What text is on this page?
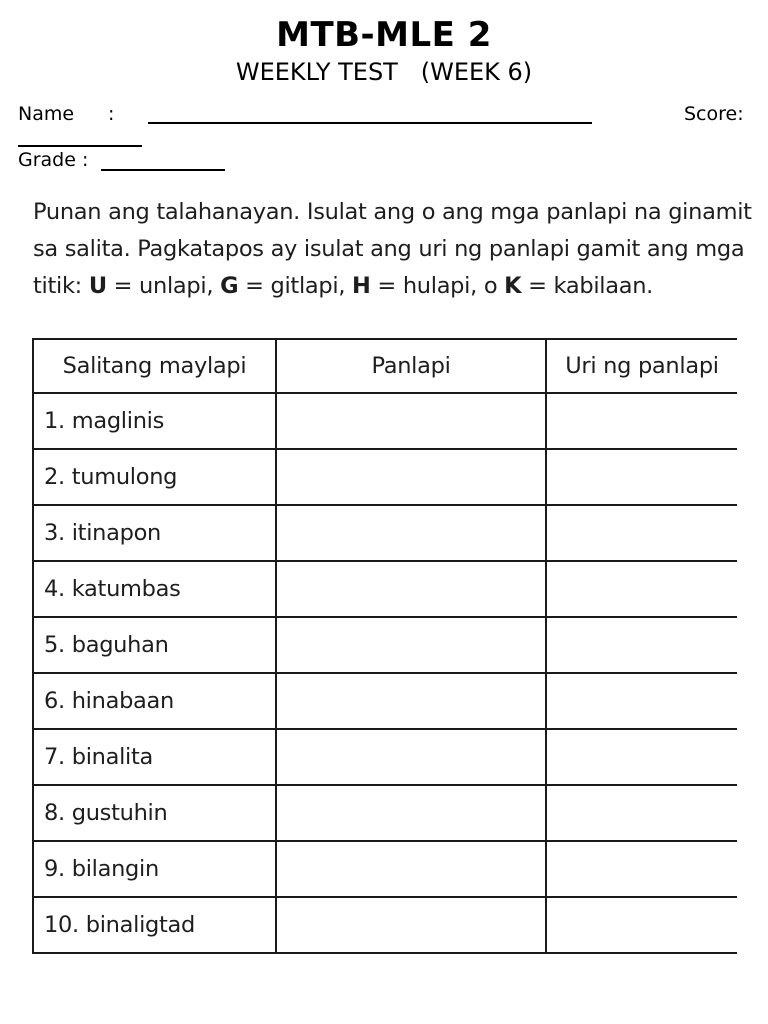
MTB-MLE 2
WEEKLY TEST   (WEEK 6)
Name :	Score:
Grade :
Punan ang talahanayan. Isulat ang o ang mga panlapi na ginamit
sa salita. Pagkatapos ay isulat ang uri ng panlapi gamit ang mga
titik: U = unlapi, G = gitlapi, H = hulapi, o K = kabilaan.
Salitang maylapi	Panlapi	Uri ng panlapi
1. maglinis		
2. tumulong		
3. itinapon		
4. katumbas		
5. baguhan		
6. hinabaan		
7. binalita		
8. gustuhin		
9. bilangin		
10. binaligtad		
